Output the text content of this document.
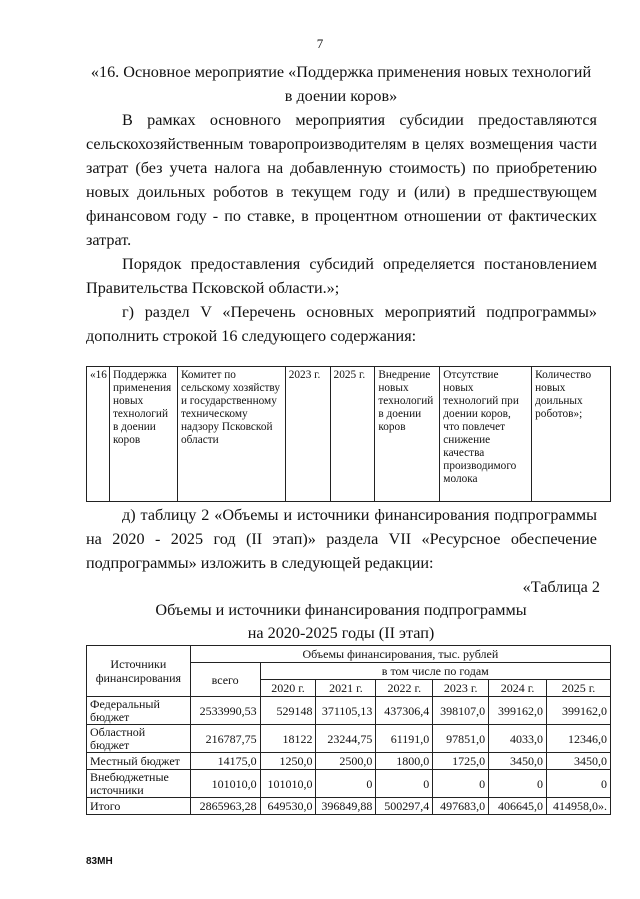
7
«16. Основное мероприятие «Поддержка применения новых технологий
в доении коров»
В рамках основного мероприятия субсидии предоставляются
сельскохозяйственным товаропроизводителям в целях возмещения части
затрат (без учета налога на добавленную стоимость) по приобретению
новых доильных роботов в текущем году и (или) в предшествующем
финансовом году - по ставке, в процентном отношении от фактических
затрат.
Порядок предоставления субсидий определяется постановлением
Правительства Псковской области.»;
г) раздел V «Перечень основных мероприятий подпрограммы»
дополнить строкой 16 следующего содержания:
«16	Поддержка применения новых технологий в доении коров	Комитет по сельскому хозяйству и государственному техническому надзору Псковской области	2023 г.	2025 г.	Внедрение новых технологий в доении коров	Отсутствие новых технологий при доении коров, что повлечет снижение качества производимого молока	Количество новых доильных роботов»;
д) таблицу 2 «Объемы и источники финансирования подпрограммы
на 2020 - 2025 год (II этап)» раздела VII «Ресурсное обеспечение
подпрограммы» изложить в следующей редакции:
«Таблица 2
Объемы и источники финансирования подпрограммы
на 2020-2025 годы (II этап)
Источники финансирования	Объемы финансирования, тыс. рублей						
	всего	в том числе по годам					
		2020 г.	2021 г.	2022 г.	2023 г.	2024 г.	2025 г.
Федеральный бюджет	2533990,53	529148	371105,13	437306,4	398107,0	399162,0	399162,0
Областной бюджет	216787,75	18122	23244,75	61191,0	97851,0	4033,0	12346,0
Местный бюджет	14175,0	1250,0	2500,0	1800,0	1725,0	3450,0	3450,0
Внебюджетные источники	101010,0	101010,0	0	0	0	0	0
Итого	2865963,28	649530,0	396849,88	500297,4	497683,0	406645,0	414958,0».
83МН
